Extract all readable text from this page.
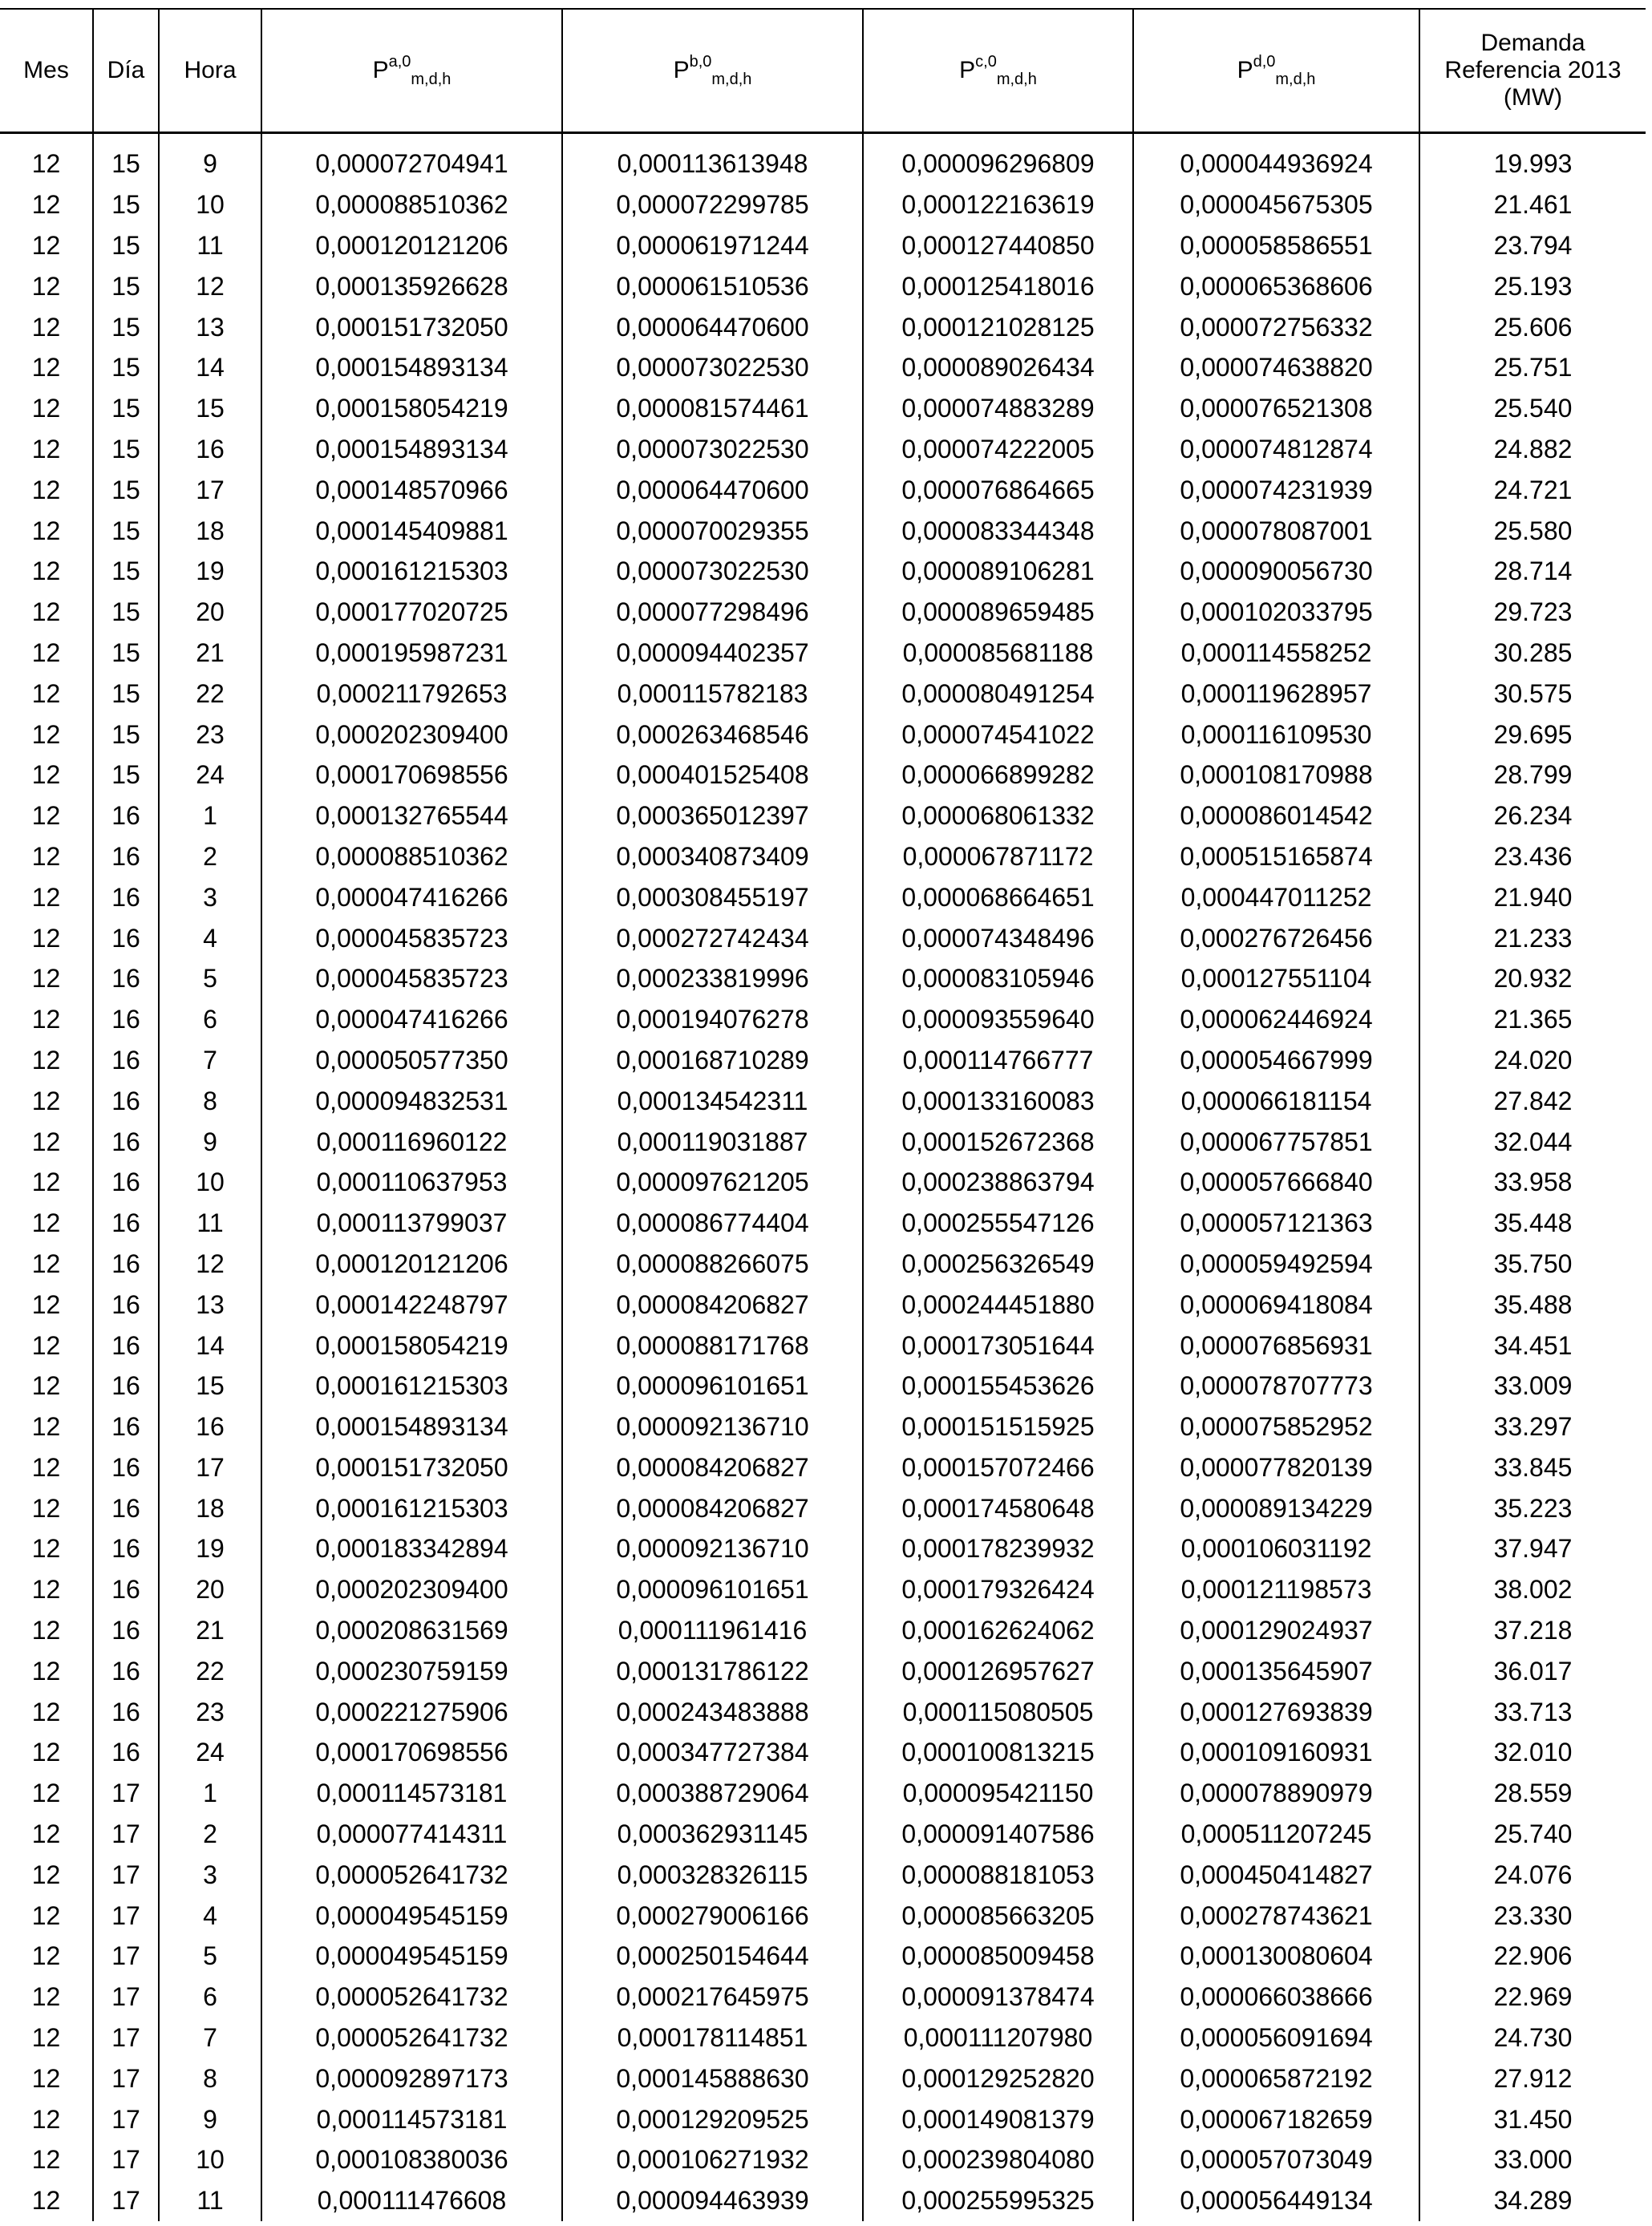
Mes	Día	Hora	P$^{a,0}_{m,d,h}$	P$^{b,0}_{m,d,h}$	P$^{c,0}_{m,d,h}$	P$^{d,0}_{m,d,h}$	Demanda
Referencia 2013
(MW)

12	15	9	0,000072704941	0,000113613948	0,000096296809	0,000044936924	19.993
12	15	10	0,000088510362	0,000072299785	0,000122163619	0,000045675305	21.461
12	15	11	0,000120121206	0,000061971244	0,000127440850	0,000058586551	23.794
12	15	12	0,000135926628	0,000061510536	0,000125418016	0,000065368606	25.193
12	15	13	0,000151732050	0,000064470600	0,000121028125	0,000072756332	25.606
12	15	14	0,000154893134	0,000073022530	0,000089026434	0,000074638820	25.751
12	15	15	0,000158054219	0,000081574461	0,000074883289	0,000076521308	25.540
12	15	16	0,000154893134	0,000073022530	0,000074222005	0,000074812874	24.882
12	15	17	0,000148570966	0,000064470600	0,000076864665	0,000074231939	24.721
12	15	18	0,000145409881	0,000070029355	0,000083344348	0,000078087001	25.580
12	15	19	0,000161215303	0,000073022530	0,000089106281	0,000090056730	28.714
12	15	20	0,000177020725	0,000077298496	0,000089659485	0,000102033795	29.723
12	15	21	0,000195987231	0,000094402357	0,000085681188	0,000114558252	30.285
12	15	22	0,000211792653	0,000115782183	0,000080491254	0,000119628957	30.575
12	15	23	0,000202309400	0,000263468546	0,000074541022	0,000116109530	29.695
12	15	24	0,000170698556	0,000401525408	0,000066899282	0,000108170988	28.799
12	16	1	0,000132765544	0,000365012397	0,000068061332	0,000086014542	26.234
12	16	2	0,000088510362	0,000340873409	0,000067871172	0,000515165874	23.436
12	16	3	0,000047416266	0,000308455197	0,000068664651	0,000447011252	21.940
12	16	4	0,000045835723	0,000272742434	0,000074348496	0,000276726456	21.233
12	16	5	0,000045835723	0,000233819996	0,000083105946	0,000127551104	20.932
12	16	6	0,000047416266	0,000194076278	0,000093559640	0,000062446924	21.365
12	16	7	0,000050577350	0,000168710289	0,000114766777	0,000054667999	24.020
12	16	8	0,000094832531	0,000134542311	0,000133160083	0,000066181154	27.842
12	16	9	0,000116960122	0,000119031887	0,000152672368	0,000067757851	32.044
12	16	10	0,000110637953	0,000097621205	0,000238863794	0,000057666840	33.958
12	16	11	0,000113799037	0,000086774404	0,000255547126	0,000057121363	35.448
12	16	12	0,000120121206	0,000088266075	0,000256326549	0,000059492594	35.750
12	16	13	0,000142248797	0,000084206827	0,000244451880	0,000069418084	35.488
12	16	14	0,000158054219	0,000088171768	0,000173051644	0,000076856931	34.451
12	16	15	0,000161215303	0,000096101651	0,000155453626	0,000078707773	33.009
12	16	16	0,000154893134	0,000092136710	0,000151515925	0,000075852952	33.297
12	16	17	0,000151732050	0,000084206827	0,000157072466	0,000077820139	33.845
12	16	18	0,000161215303	0,000084206827	0,000174580648	0,000089134229	35.223
12	16	19	0,000183342894	0,000092136710	0,000178239932	0,000106031192	37.947
12	16	20	0,000202309400	0,000096101651	0,000179326424	0,000121198573	38.002
12	16	21	0,000208631569	0,000111961416	0,000162624062	0,000129024937	37.218
12	16	22	0,000230759159	0,000131786122	0,000126957627	0,000135645907	36.017
12	16	23	0,000221275906	0,000243483888	0,000115080505	0,000127693839	33.713
12	16	24	0,000170698556	0,000347727384	0,000100813215	0,000109160931	32.010
12	17	1	0,000114573181	0,000388729064	0,000095421150	0,000078890979	28.559
12	17	2	0,000077414311	0,000362931145	0,000091407586	0,000511207245	25.740
12	17	3	0,000052641732	0,000328326115	0,000088181053	0,000450414827	24.076
12	17	4	0,000049545159	0,000279006166	0,000085663205	0,000278743621	23.330
12	17	5	0,000049545159	0,000250154644	0,000085009458	0,000130080604	22.906
12	17	6	0,000052641732	0,000217645975	0,000091378474	0,000066038666	22.969
12	17	7	0,000052641732	0,000178114851	0,000111207980	0,000056091694	24.730
12	17	8	0,000092897173	0,000145888630	0,000129252820	0,000065872192	27.912
12	17	9	0,000114573181	0,000129209525	0,000149081379	0,000067182659	31.450
12	17	10	0,000108380036	0,000106271932	0,000239804080	0,000057073049	33.000
12	17	11	0,000111476608	0,000094463939	0,000255995325	0,000056449134	34.289
